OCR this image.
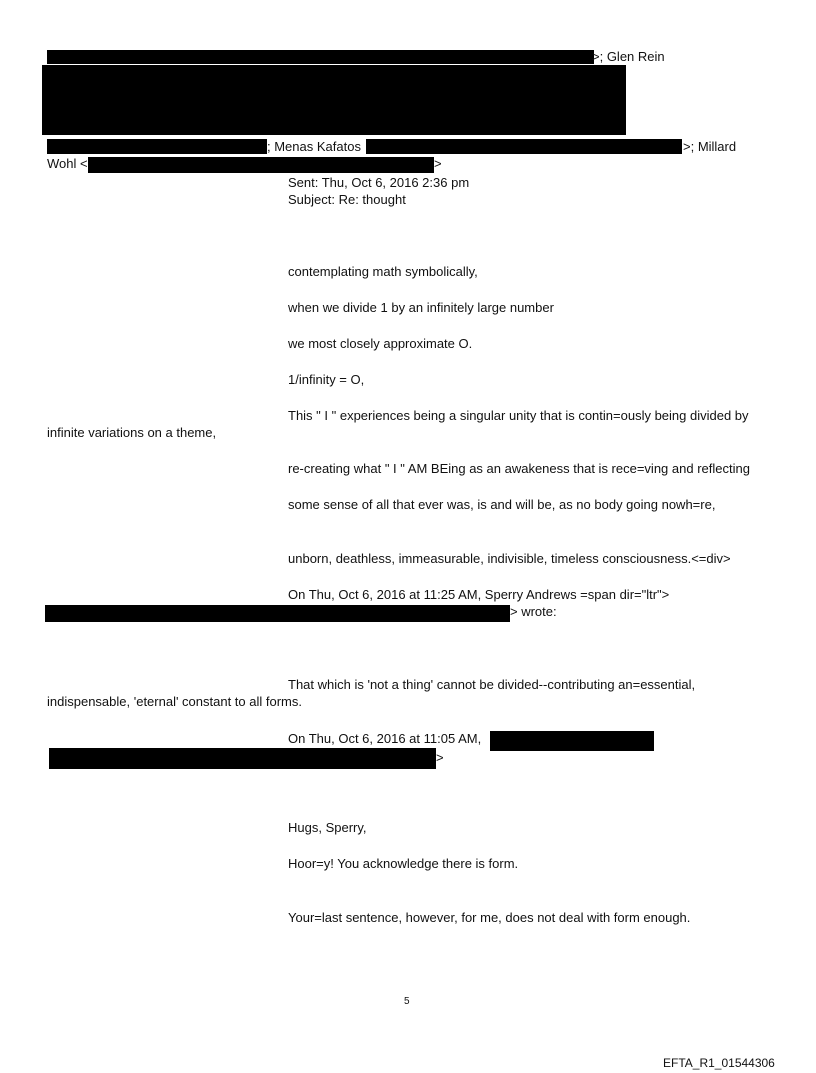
>; Glen Rein
; Menas Kafatos	>; Millard
Wohl <	>
Sent: Thu, Oct 6, 2016 2:36 pm
Subject: Re: thought
contemplating math symbolically,
when we divide 1 by an infinitely large number
we most closely approximate O.
1/infinity = O,
This " I " experiences being a singular unity that is contin=ously being divided by
infinite variations on a theme,
re-creating what " I " AM BEing as an awakeness that is rece=ving and reflecting
some sense of all that ever was, is and will be, as no body going nowh=re,
unborn, deathless, immeasurable, indivisible, timeless consciousness.<=div>
On Thu, Oct 6, 2016 at 11:25 AM, Sperry Andrews =span dir="ltr">
> wrote:
That which is 'not a thing' cannot be divided--contributing an=essential,
indispensable, 'eternal' constant to all forms.
On Thu, Oct 6, 2016 at 11:05 AM,
>
Hugs, Sperry,
Hoor=y! You acknowledge there is form.
Your=last sentence, however, for me, does not deal with form enough.
5
EFTA_R1_01544306
